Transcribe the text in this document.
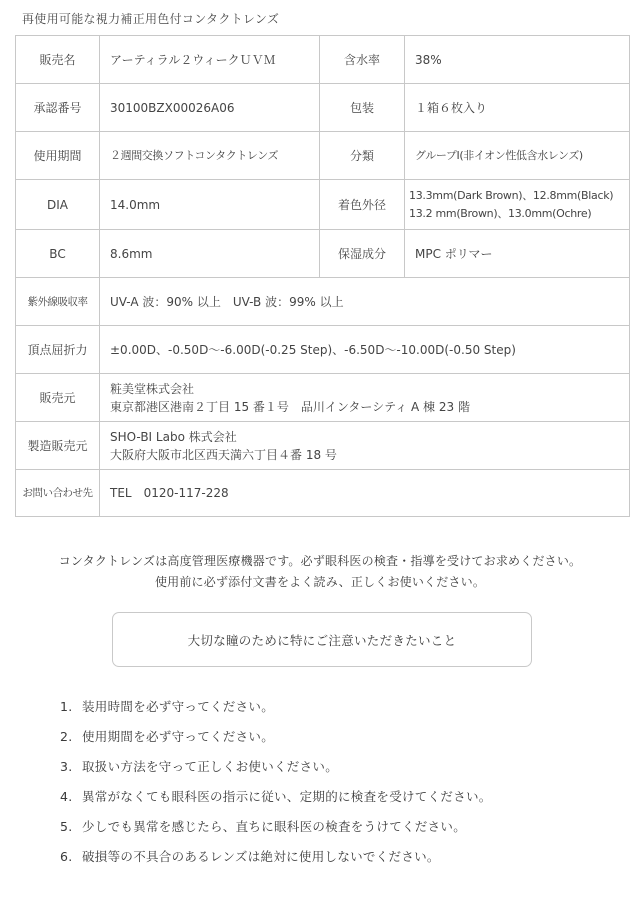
再使用可能な視力補正用色付コンタクトレンズ
販売名	アーティラル２ウィークＵＶＭ	含水率	38%
承認番号	30100BZX00026A06	包装	１箱６枚入り
使用期間	２週間交換ソフトコンタクトレンズ	分類	グループⅠ(非イオン性低含水レンズ)
DIA	14.0mm	着色外径	13.3mm(Dark Brown)、12.8mm(Black)
13.2 mm(Brown)、13.0mm(Ochre)

BC	8.6mm	保湿成分	MPC ポリマー
紫外線吸収率	UV-A 波：90% 以上　UV-B 波：99% 以上		
頂点屈折力	±0.00D、-0.50D〜-6.00D(-0.25 Step)、-6.50D〜-10.00D(-0.50 Step)		
販売元	粧美堂株式会社
東京都港区港南２丁目 15 番１号　品川インターシティ A 棟 23 階		

製造販売元	SHO-BI Labo 株式会社
大阪府大阪市北区西天満六丁目４番 18 号		

お問い合わせ先	TEL　0120-117-228		
コンタクトレンズは高度管理医療機器です。必ず眼科医の検査・指導を受けてお求めください。
使用前に必ず添付文書をよく読み、正しくお使いください。
大切な瞳のために特にご注意いただきたいこと
1. 装用時間を必ず守ってください。
2. 使用期間を必ず守ってください。
3. 取扱い方法を守って正しくお使いください。
4. 異常がなくても眼科医の指示に従い、定期的に検査を受けてください。
5. 少しでも異常を感じたら、直ちに眼科医の検査をうけてください。
6. 破損等の不具合のあるレンズは絶対に使用しないでください。
